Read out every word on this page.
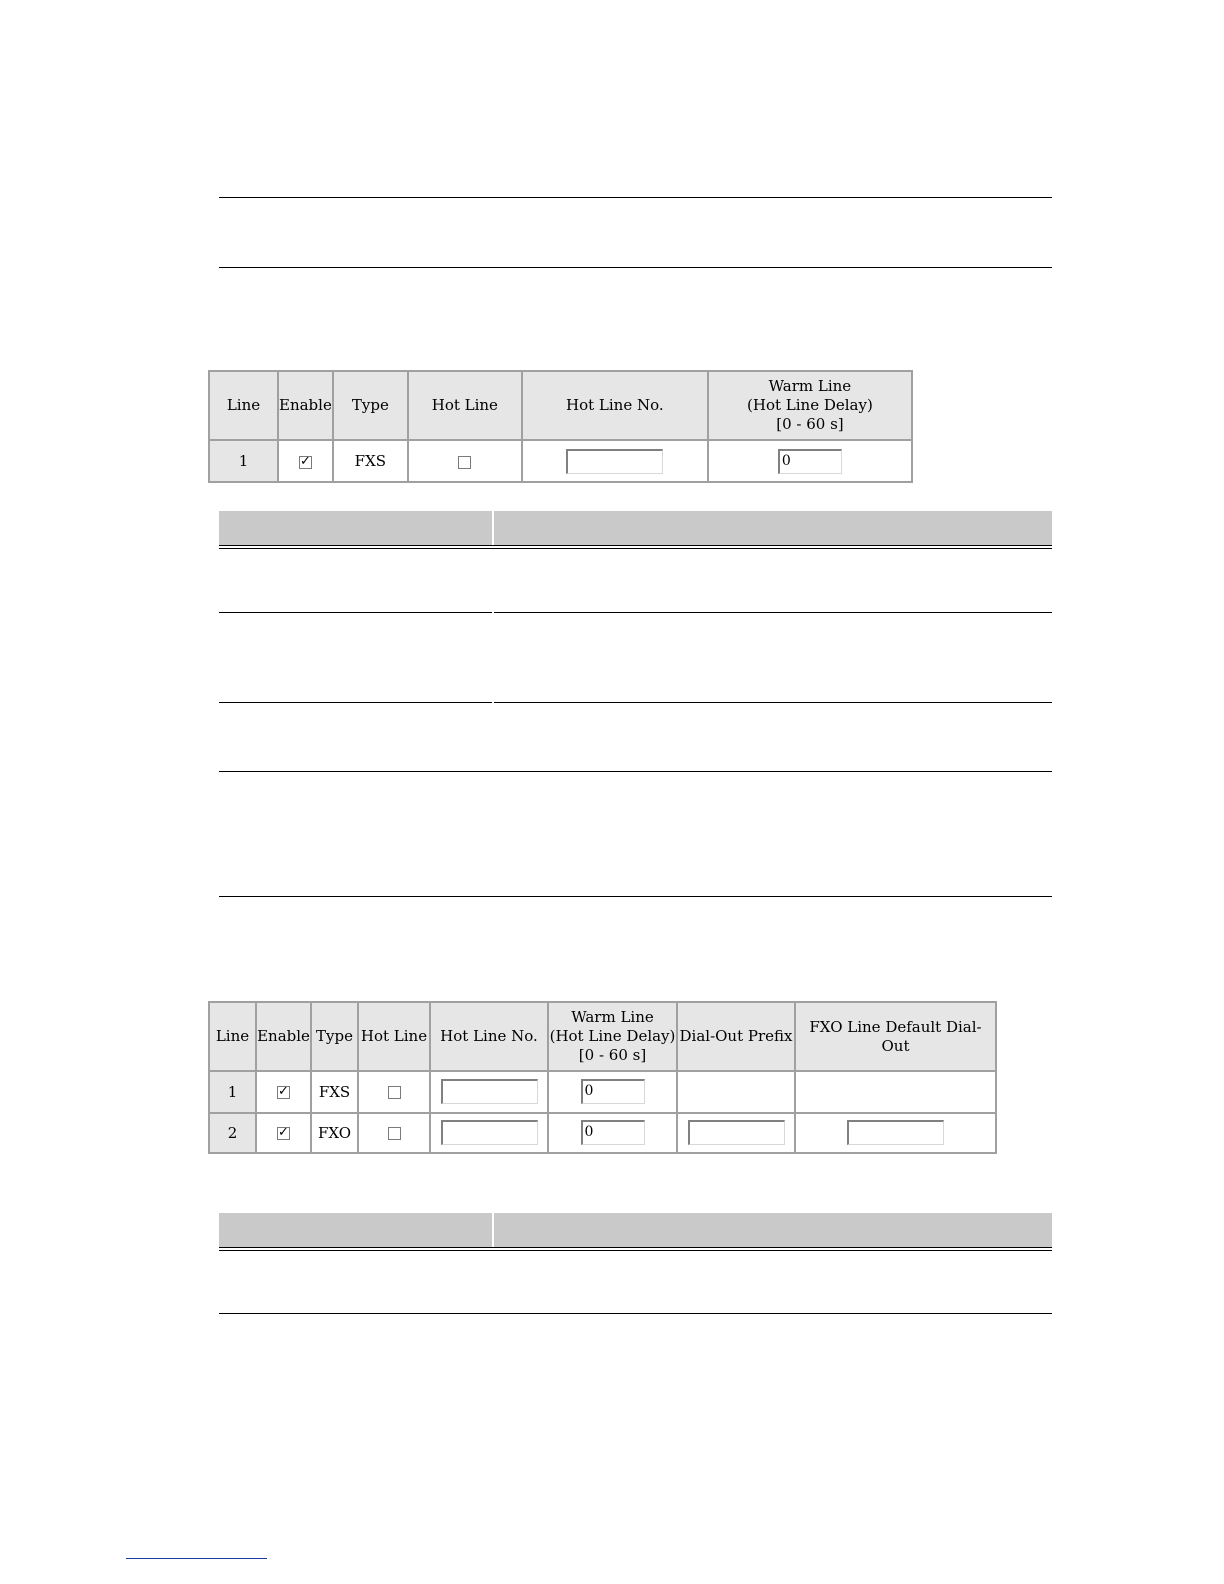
Line	Enable	Type	Hot Line	Hot Line No.	Warm Line
(Hot Line Delay)
[0 - 60 s]

1	✓	FXS			0
Line	Enable	Type	Hot Line	Hot Line No.	Warm Line
(Hot Line Delay)
[0 - 60 s]	Dial-Out Prefix	FXO Line Default Dial-Out
1	✓	FXS			0		
2	✓	FXO			0		
